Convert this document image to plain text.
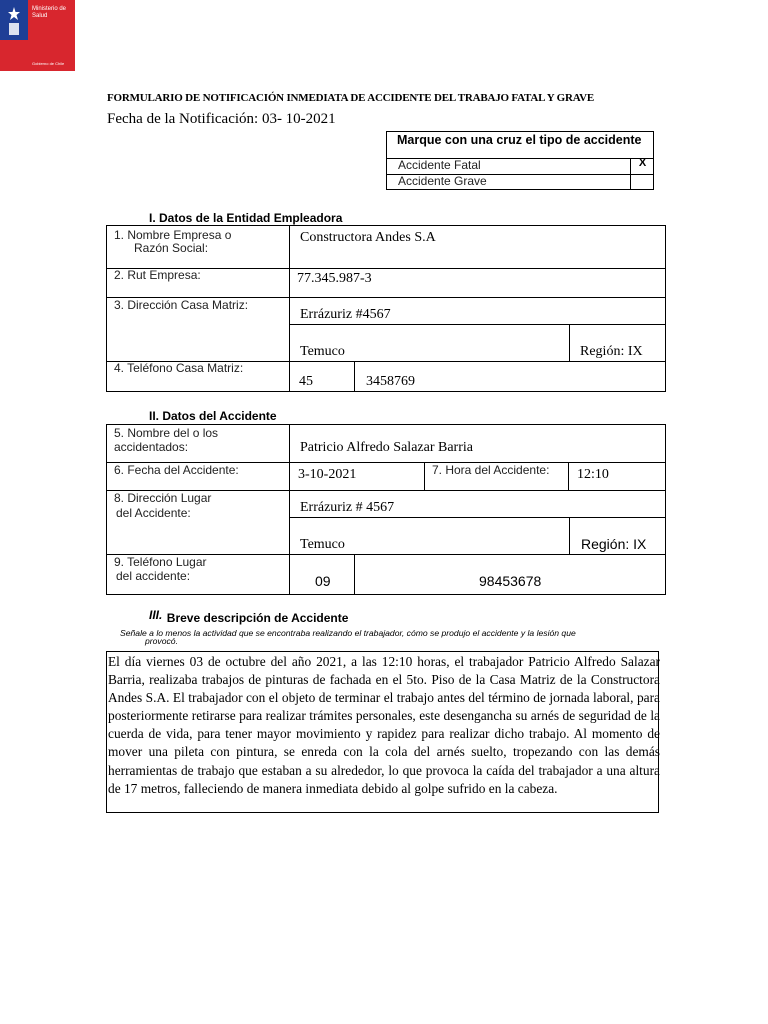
Ministerio de
Salud
Gobierno de Chile
FORMULARIO DE NOTIFICACIÓN INMEDIATA DE ACCIDENTE DEL TRABAJO FATAL Y GRAVE
Fecha de la Notificación: 03- 10-2021
Marque con una cruz el tipo de accidente
Accidente Fatal	X
Accidente Grave
I. Datos de la Entidad Empleadora
1. Nombre Empresa o
Razón Social:
Constructora Andes S.A
2. Rut Empresa:	77.345.987-3
3. Dirección Casa Matriz:
Errázuriz #4567
Temuco	Región: IX
4. Teléfono Casa Matriz:
45	3458769
II. Datos del Accidente
5. Nombre del o los
accidentados:	Patricio Alfredo Salazar Barria
6. Fecha del Accidente:	3-10-2021	7. Hora del Accidente: 12:10
8. Dirección Lugar
del Accidente:	Errázuriz # 4567
Temuco	Región: IX
9. Teléfono Lugar
del accidente:	09	98453678
III. Breve descripción de Accidente
Señale a lo menos la actividad que se encontraba realizando el trabajador, cómo se produjo el accidente y la lesión que
provocó.
El día viernes 03 de octubre del año 2021, a las 12:10 horas, el trabajador Patricio Alfredo Salazar Barria, realizaba trabajos de pinturas de fachada en el 5to. Piso de la Casa Matriz de la Constructora Andes S.A. El trabajador con el objeto de terminar el trabajo antes del término de jornada laboral, para posteriormente retirarse para realizar trámites personales, este desengancha su arnés de seguridad de la cuerda de vida, para tener mayor movimiento y rapidez para realizar dicho trabajo. Al momento de mover una pileta con pintura, se enreda con la cola del arnés suelto, tropezando con las demás herramientas de trabajo que estaban a su alrededor, lo que provoca la caída del trabajador a una altura de 17 metros, falleciendo de manera inmediata debido al golpe sufrido en la cabeza.
